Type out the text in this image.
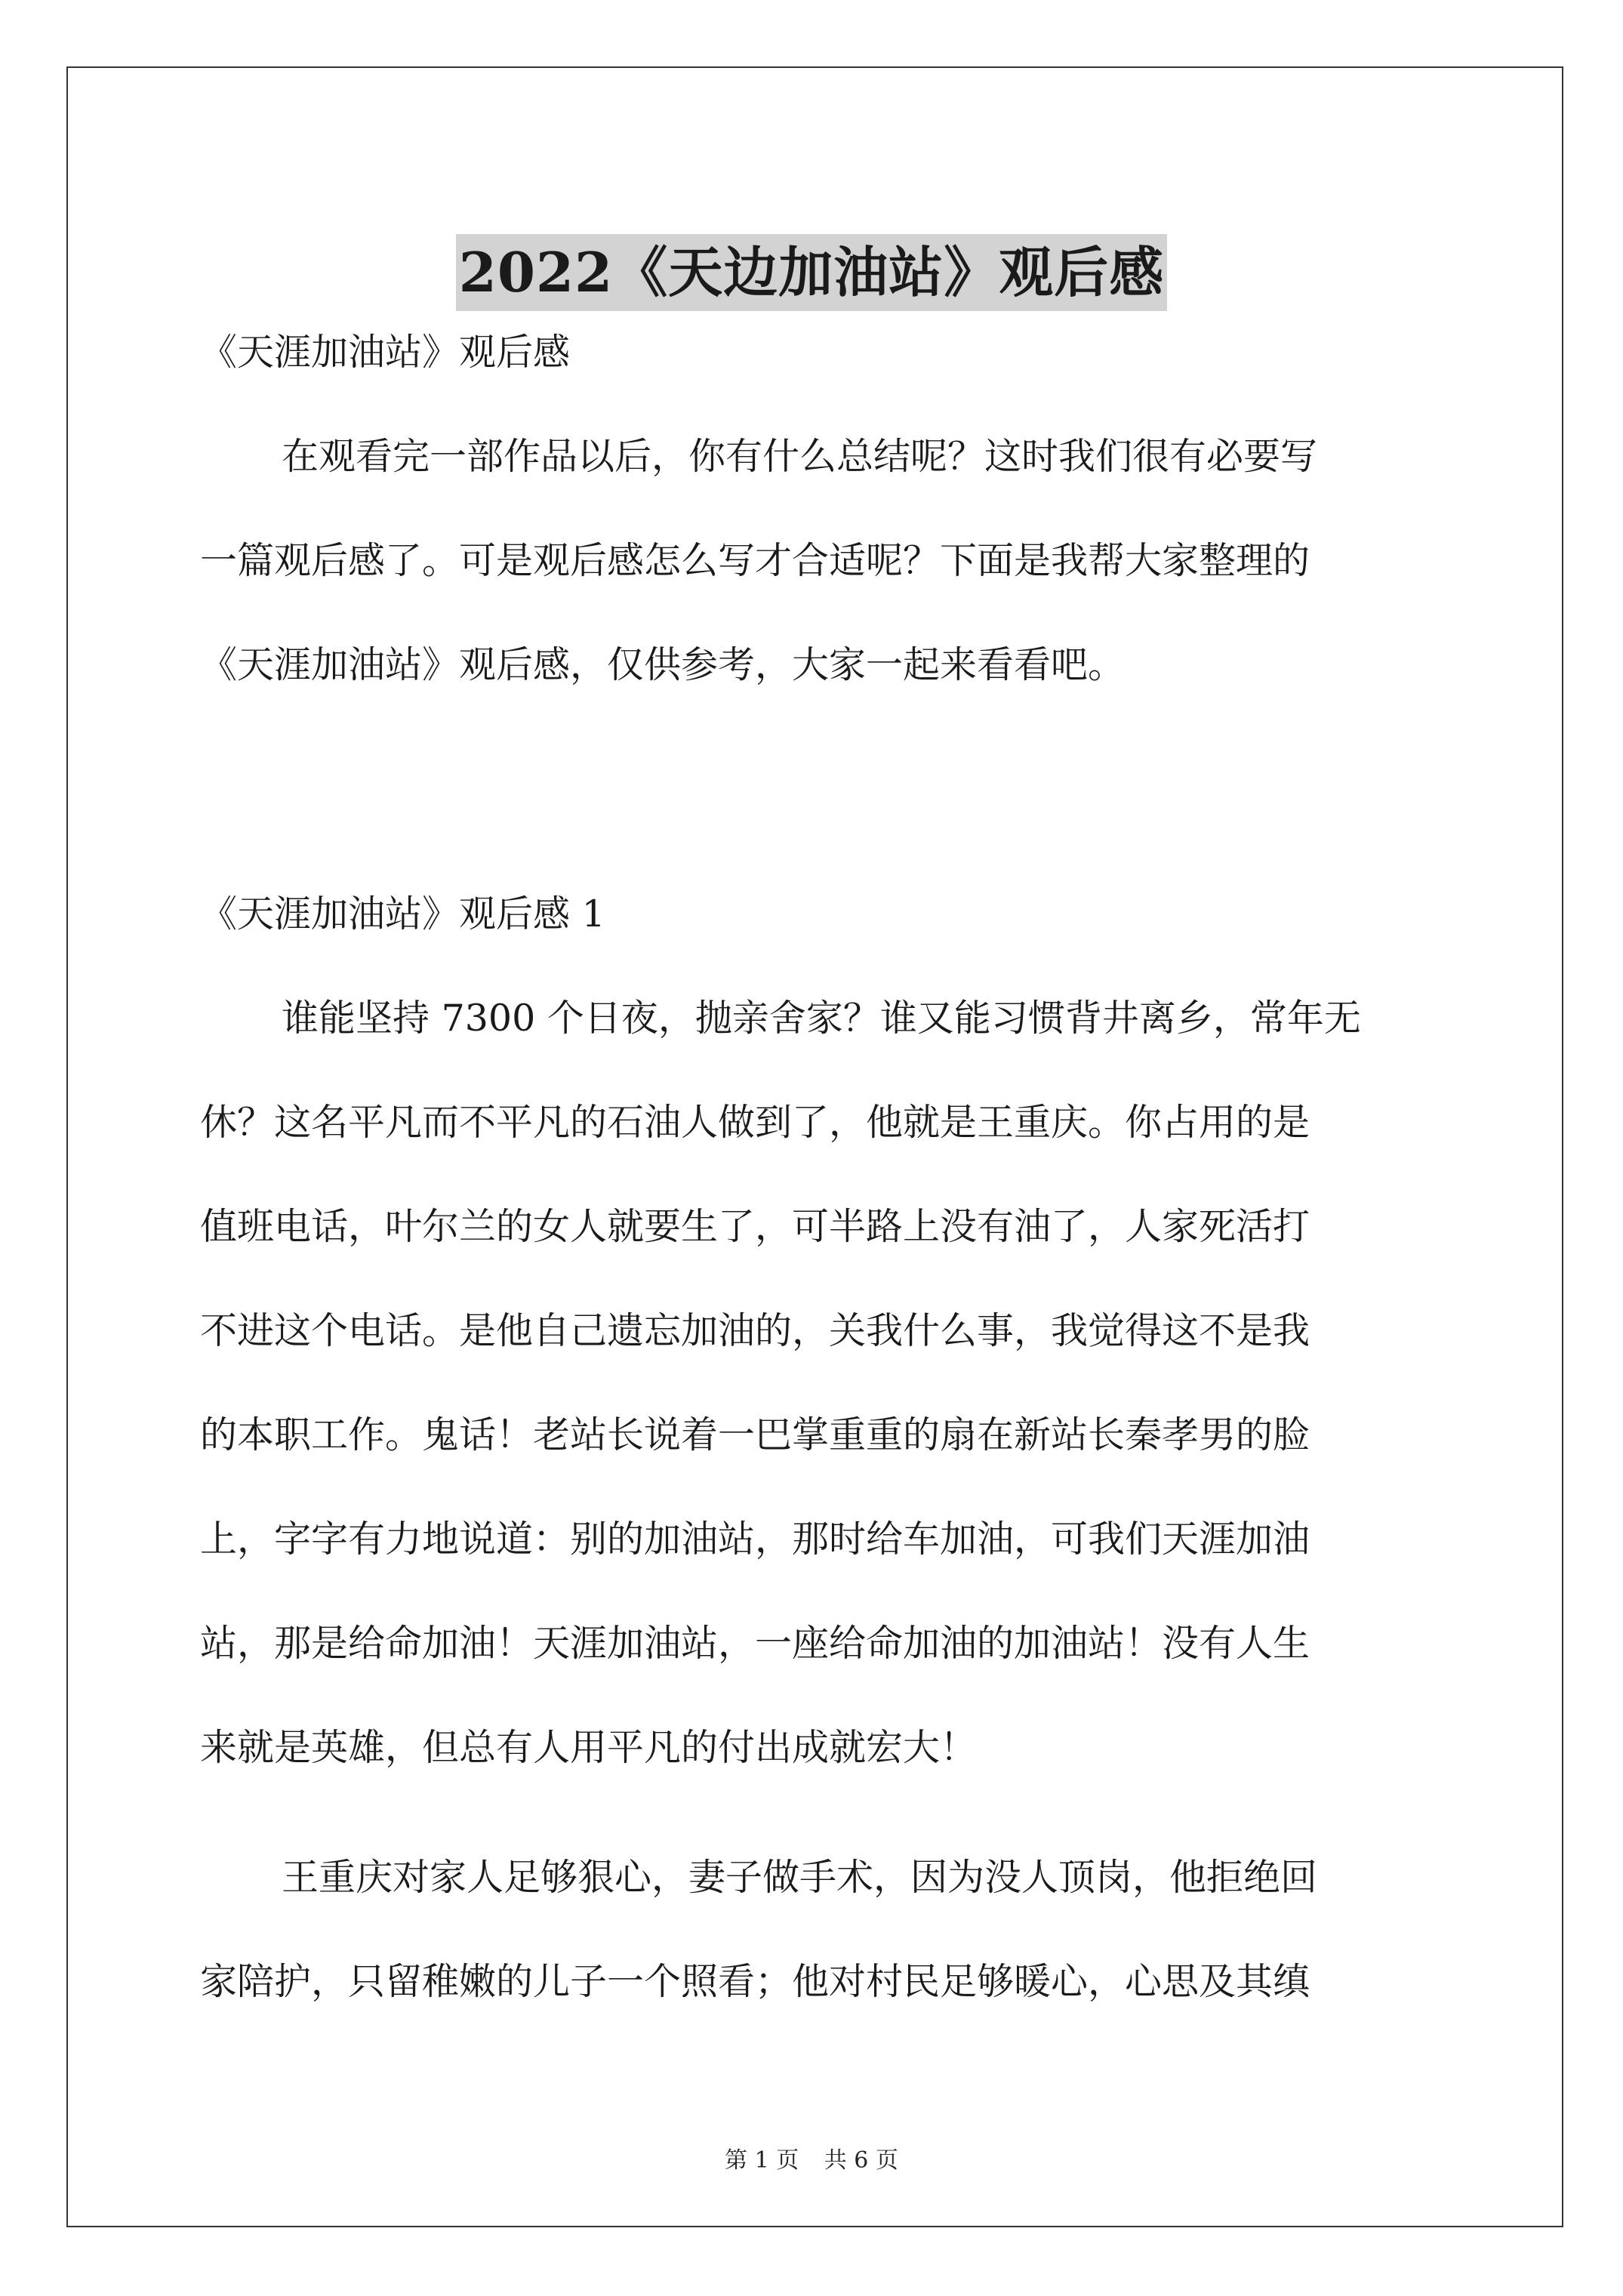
2022《天边加油站》观后感

《天涯加油站》观后感

在观看完一部作品以后，你有什么总结呢？这时我们很有必要写
一篇观后感了。可是观后感怎么写才合适呢？下面是我帮大家整理的
《天涯加油站》观后感，仅供参考，大家一起来看看吧。

《天涯加油站》观后感 1

谁能坚持 7300 个日夜，抛亲舍家？谁又能习惯背井离乡，常年无
休？这名平凡而不平凡的石油人做到了，他就是王重庆。你占用的是
值班电话，叶尔兰的女人就要生了，可半路上没有油了，人家死活打
不进这个电话。是他自己遗忘加油的，关我什么事，我觉得这不是我
的本职工作。鬼话！老站长说着一巴掌重重的扇在新站长秦孝男的脸
上，字字有力地说道：别的加油站，那时给车加油，可我们天涯加油
站，那是给命加油！天涯加油站，一座给命加油的加油站！没有人生
来就是英雄，但总有人用平凡的付出成就宏大！

王重庆对家人足够狠心，妻子做手术，因为没人顶岗，他拒绝回
家陪护，只留稚嫩的儿子一个照看；他对村民足够暖心，心思及其缜

第 1 页 共 6 页
